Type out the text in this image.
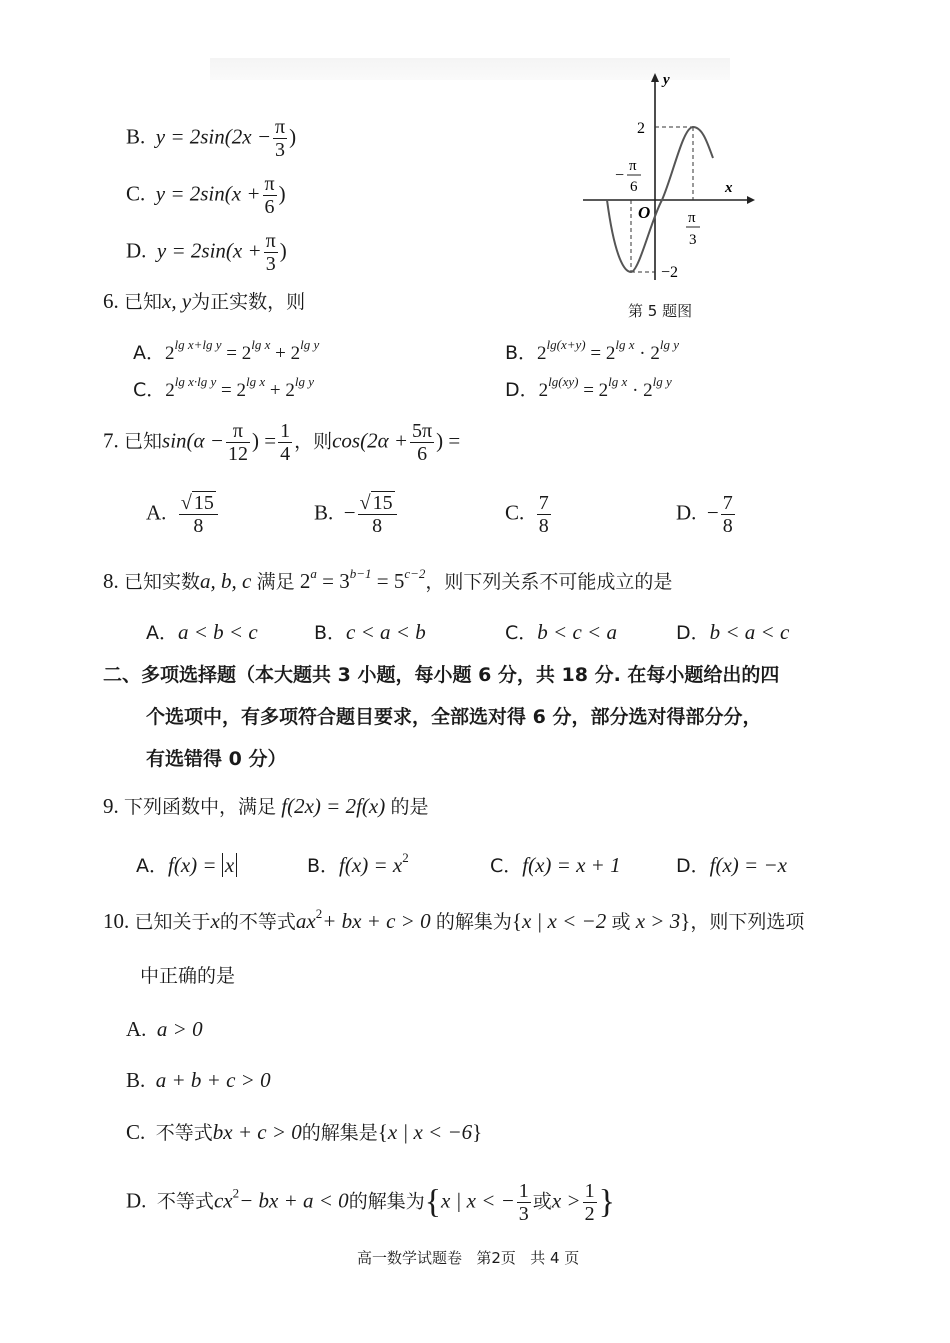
B. $y = 2\sin(2x - \frac{\pi}{3}$ )
C. $y = 2\sin(x + \frac{\pi}{6}$ )
D. $y = 2\sin(x + \frac{\pi}{3}$ )
y
x
O
2
−2
−
π
6
π
3
第 5 题图
6. 已知x, y为正实数，则
A．$2^{lg x+lg y} = 2^{lg x} + 2^{lg y}$	B．$2^{lg(x+y)} = 2^{lg x} \cdot 2^{lg y}$
C．$2^{lg x\cdot lg y} = 2^{lg x} + 2^{lg y}$	D．$2^{lg(xy)} = 2^{lg x} \cdot 2^{lg y}$
7. 已知$\sin(\alpha - \frac{\pi}{12}$ ) = $\frac{1}{4}$ ，则$\cos(2\alpha + \frac{5\pi}{6}$ ) =
A. $\frac{√ 15}{8}$	B. − $\frac{√ 15}{8}$	C. $\frac{7}{8}$	D. − $\frac{7}{8}$
8. 已知实数a, b, c 满足 $2^a = 3^{b-1} = 5^{c-2}$，则下列关系不可能成立的是
A．a < b < c	B．c < a < b	C．b < c < a	D．b < a < c
二、多项选择题（本大题共 3 小题，每小题 6 分，共 18 分. 在每小题给出的四
个选项中，有多项符合题目要求，全部选对得 6 分，部分选对得部分分，
有选错得 0 分）
9. 下列函数中，满足 f(2x) = 2f(x) 的是
A．f(x) = x	B．$f(x) = x^2$	C．f(x) = x + 1	D．f(x) = −x
10. 已知关于x的不等式$ax^2+$ bx + c > 0 的解集为{x | x < −2 或 x > 3}，则下列选项
中正确的是
A. a > 0
B. a + b + c > 0
C. 不等式bx + c > 0的解集是{x | x < −6}
D. 不等式$cx^2-$ bx + a < 0的解集为{x | x < − $\frac{1}{3}$ 或$x > \frac{1}{2}$ }
高一数学试题卷 第2页 共 4 页
